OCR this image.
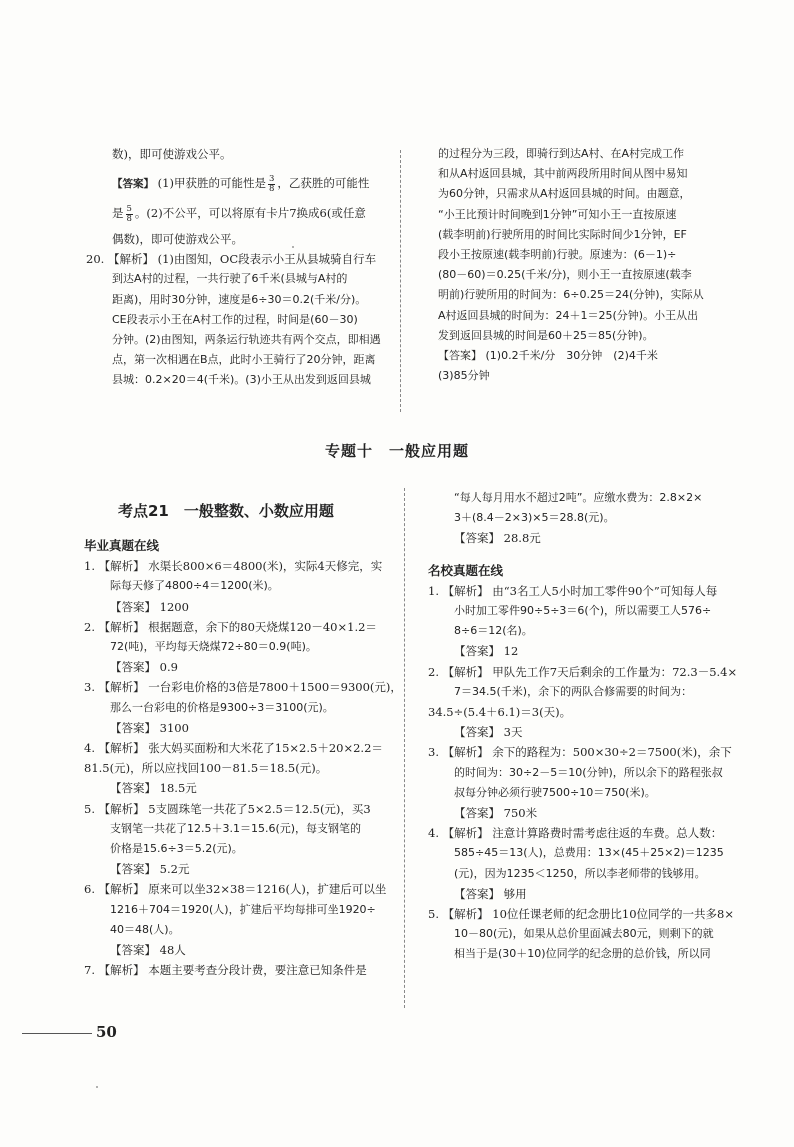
数)，即可使游戏公平。

【答案】 (1)甲获胜的可能性是 $\frac{3}{8}$ ，乙获胜的可能性

是 $\frac{5}{8}$ 。(2)不公平，可以将原有卡片7换成6(或任意

偶数)，即可使游戏公平。

20. 【解析】 (1)由图知，OC段表示小王从县城骑自行车

到达A村的过程，一共行驶了6千米(县城与A村的

距离)，用时30分钟，速度是6÷30＝0.2(千米/分)。

CE段表示小王在A村工作的过程，时间是(60－30)

分钟。(2)由图知，两条运行轨迹共有两个交点，即相遇

点，第一次相遇在B点，此时小王骑行了20分钟，距离

县城：0.2×20＝4(千米)。(3)小王从出发到返回县城

的过程分为三段，即骑行到达A村、在A村完成工作

和从A村返回县城，其中前两段所用时间从图中易知

为60分钟，只需求从A村返回县城的时间。由题意，

“小王比预计时间晚到1分钟”可知小王一直按原速

(载李明前)行驶所用的时间比实际时间少1分钟，EF

段小王按原速(载李明前)行驶。原速为：(6－1)÷

(80－60)＝0.25(千米/分)，则小王一直按原速(载李

明前)行驶所用的时间为：6÷0.25＝24(分钟)，实际从

A村返回县城的时间为：24＋1＝25(分钟)。小王从出

发到返回县城的时间是60＋25＝85(分钟)。

【答案】 (1)0.2千米/分　30分钟　(2)4千米

(3)85分钟

专题十　一般应用题
考点21　一般整数、小数应用题

毕业真题在线

1. 【解析】 水渠长800×6＝4800(米)，实际4天修完，实

际每天修了4800÷4＝1200(米)。

【答案】 1200

2. 【解析】 根据题意，余下的80天烧煤120－40×1.2＝

72(吨)，平均每天烧煤72÷80＝0.9(吨)。

【答案】 0.9

3. 【解析】 一台彩电价格的3倍是7800＋1500＝9300(元)，

那么一台彩电的价格是9300÷3＝3100(元)。

【答案】 3100

4. 【解析】 张大妈买面粉和大米花了15×2.5＋20×2.2＝

81.5(元)，所以应找回100－81.5＝18.5(元)。

【答案】 18.5元

5. 【解析】 5支圆珠笔一共花了5×2.5＝12.5(元)，买3

支钢笔一共花了12.5＋3.1＝15.6(元)，每支钢笔的

价格是15.6÷3＝5.2(元)。

【答案】 5.2元

6. 【解析】 原来可以坐32×38＝1216(人)，扩建后可以坐

1216＋704＝1920(人)，扩建后平均每排可坐1920÷

40＝48(人)。

【答案】 48人

7. 【解析】 本题主要考查分段计费，要注意已知条件是

“每人每月用水不超过2吨”。应缴水费为：2.8×2×

3＋(8.4－2×3)×5＝28.8(元)。

【答案】 28.8元

名校真题在线

1. 【解析】 由“3名工人5小时加工零件90个”可知每人每

小时加工零件90÷5÷3＝6(个)，所以需要工人576÷

8÷6＝12(名)。

【答案】 12

2. 【解析】 甲队先工作7天后剩余的工作量为：72.3－5.4×

7＝34.5(千米)，余下的两队合修需要的时间为：

34.5÷(5.4＋6.1)＝3(天)。

【答案】 3天

3. 【解析】 余下的路程为：500×30÷2＝7500(米)，余下

的时间为：30÷2－5＝10(分钟)，所以余下的路程张叔

叔每分钟必须行驶7500÷10＝750(米)。

【答案】 750米

4. 【解析】 注意计算路费时需考虑往返的车费。总人数：

585÷45＝13(人)，总费用：13×(45＋25×2)＝1235

(元)，因为1235＜1250，所以李老师带的钱够用。

【答案】 够用

5. 【解析】 10位任课老师的纪念册比10位同学的一共多8×

10－80(元)，如果从总价里面减去80元，则剩下的就

相当于是(30＋10)位同学的纪念册的总价钱，所以同

50
